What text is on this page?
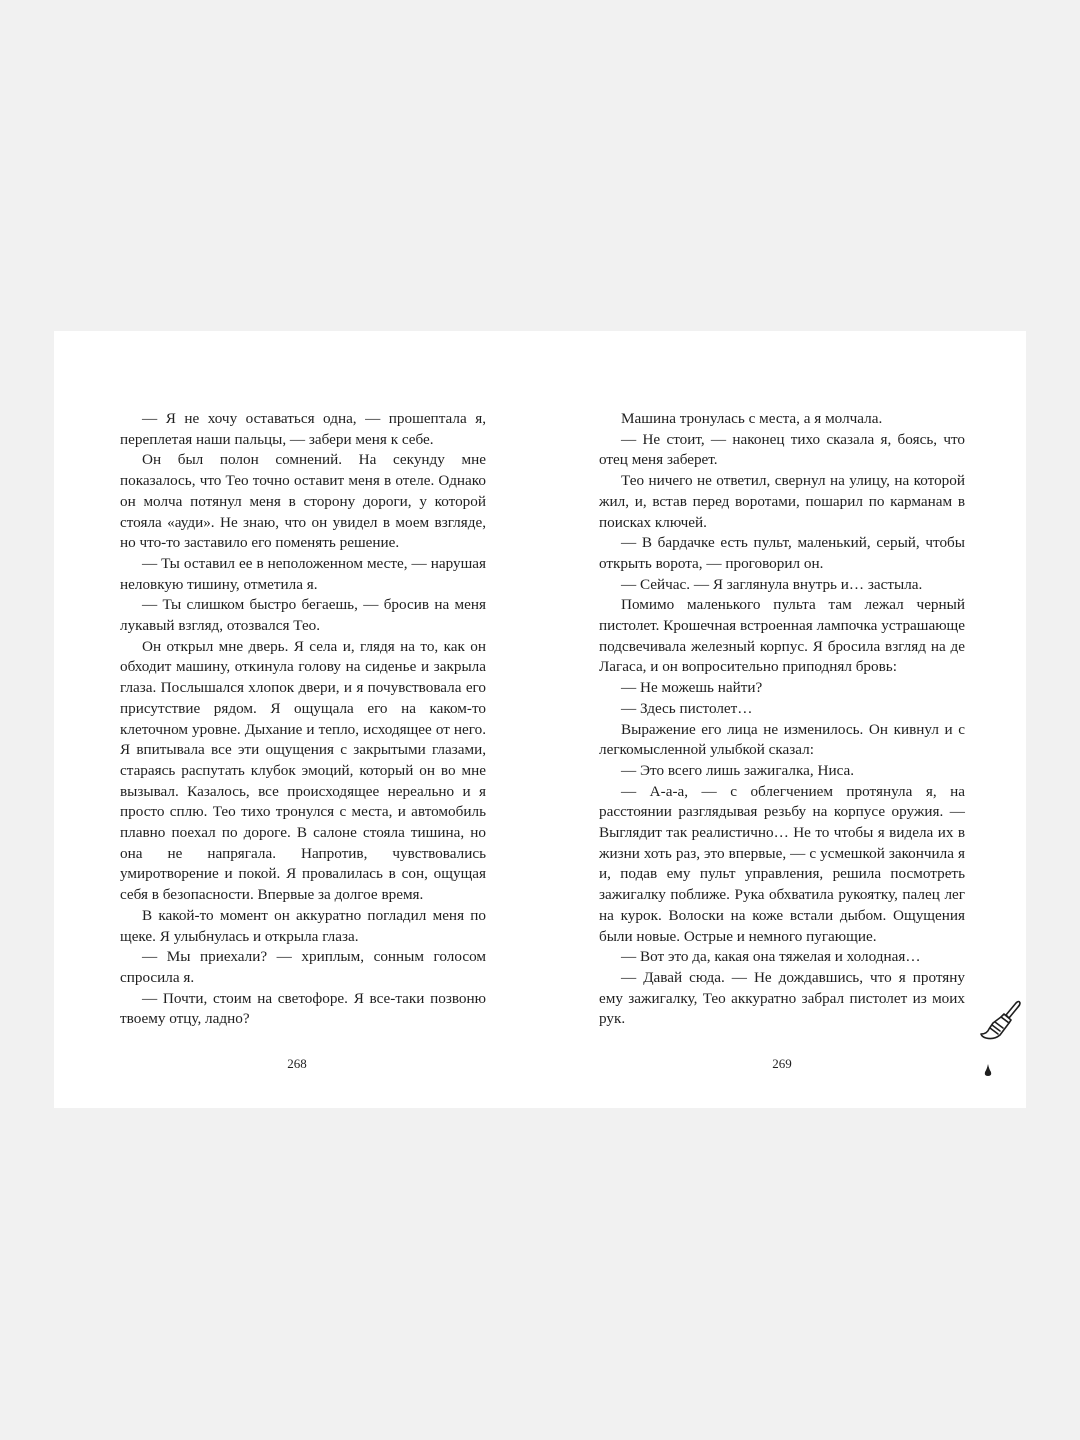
— Я не хочу оставаться одна, — прошептала я, переплетая наши пальцы, — забери меня к себе.

Он был полон сомнений. На секунду мне показалось, что Тео точно оставит меня в отеле. Однако он молча потянул меня в сторону дороги, у которой стояла «ауди». Не знаю, что он увидел в моем взгляде, но что-то заставило его поменять решение.

— Ты оставил ее в неположенном месте, — нарушая неловкую тишину, отметила я.

— Ты слишком быстро бегаешь, — бросив на меня лукавый взгляд, отозвался Тео.

Он открыл мне дверь. Я села и, глядя на то, как он обходит машину, откинула голову на сиденье и закрыла глаза. Послышался хлопок двери, и я почувствовала его присутствие рядом. Я ощущала его на каком-то клеточном уровне. Дыхание и тепло, исходящее от него. Я впитывала все эти ощущения с закрытыми глазами, стараясь распутать клубок эмоций, который он во мне вызывал. Казалось, все происходящее нереально и я просто сплю. Тео тихо тронулся с места, и автомобиль плавно поехал по дороге. В салоне стояла тишина, но она не напрягала. Напротив, чувствовались умиротворение и покой. Я провалилась в сон, ощущая себя в безопасности. Впервые за долгое время.

В какой-то момент он аккуратно погладил меня по щеке. Я улыбнулась и открыла глаза.

— Мы приехали? — хриплым, сонным голосом спросила я.

— Почти, стоим на светофоре. Я все-таки позвоню твоему отцу, ладно?

268

Машина тронулась с места, а я молчала.

— Не стоит, — наконец тихо сказала я, боясь, что отец меня заберет.

Тео ничего не ответил, свернул на улицу, на которой жил, и, встав перед воротами, пошарил по карманам в поисках ключей.

— В бардачке есть пульт, маленький, серый, чтобы открыть ворота, — проговорил он.

— Сейчас. — Я заглянула внутрь и… застыла.

Помимо маленького пульта там лежал черный пистолет. Крошечная встроенная лампочка устрашающе подсвечивала железный корпус. Я бросила взгляд на де Лагаса, и он вопросительно приподнял бровь:

— Не можешь найти?

— Здесь пистолет…

Выражение его лица не изменилось. Он кивнул и с легкомысленной улыбкой сказал:

— Это всего лишь зажигалка, Ниса.

— А-а-а, — с облегчением протянула я, на расстоянии разглядывая резьбу на корпусе оружия. — Выглядит так реалистично… Не то чтобы я видела их в жизни хоть раз, это впервые, — с усмешкой закончила я и, подав ему пульт управления, решила посмотреть зажигалку поближе. Рука обхватила рукоятку, палец лег на курок. Волоски на коже встали дыбом. Ощущения были новые. Острые и немного пугающие.

— Вот это да, какая она тяжелая и холодная…

— Давай сюда. — Не дождавшись, что я протяну ему зажигалку, Тео аккуратно забрал пистолет из моих рук.

269
